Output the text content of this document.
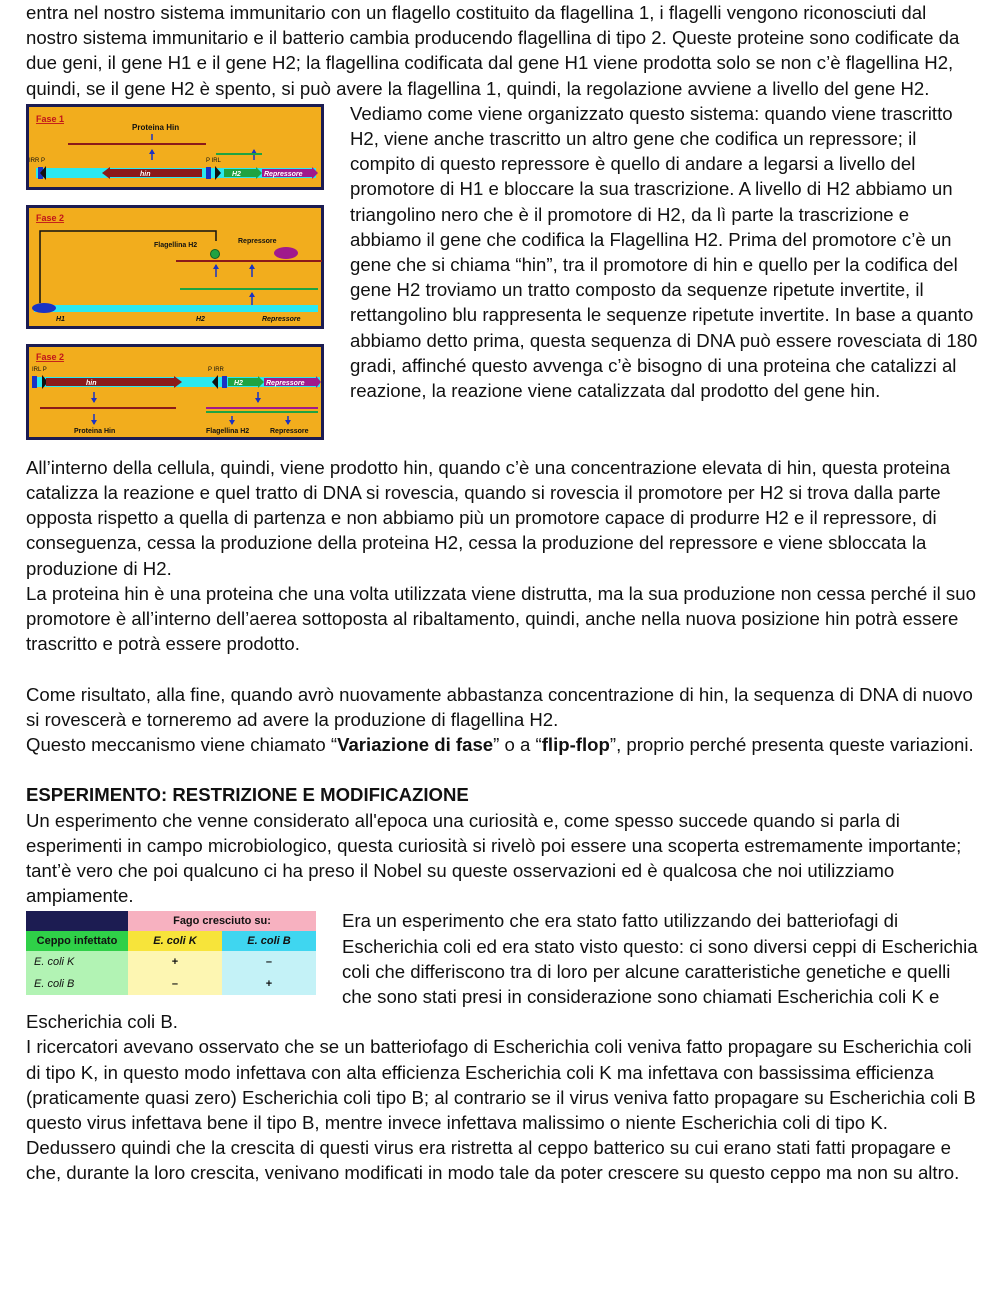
entra nel nostro sistema immunitario con un flagello costituito da flagellina 1, i flagelli vengono riconosciuti dal nostro sistema immunitario e il batterio cambia producendo flagellina di tipo 2. Queste proteine sono codificate da due geni, il gene H1 e il gene H2; la flagellina codificata dal gene H1 viene prodotta solo se non c’è flagellina H2, quindi, se il gene H2 è spento, si può avere la flagellina 1, quindi, la regolazione avviene a livello del gene H2.

Fase 1
Proteina Hin
IRR P	P IRL
hin	H2	Repressore
Fase 2
Flagellina H2
Repressore
H1	H2	Repressore
Fase 2
IRL P	P IRR
hin	H2	Repressore
Proteina Hin	Flagellina H2	Repressore

Vediamo come viene organizzato questo sistema: quando viene trascritto H2, viene anche trascritto un altro gene che codifica un repressore; il compito di questo repressore è quello di andare a legarsi a livello del promotore di H1 e bloccare la sua trascrizione. A livello di H2 abbiamo un triangolino nero che è il promotore di H2, da lì parte la trascrizione e abbiamo il gene che codifica la Flagellina H2. Prima del promotore c’è un gene che si chiama “hin”, tra il promotore di hin e quello per la codifica del gene H2 troviamo un tratto composto da sequenze ripetute invertite, il rettangolino blu rappresenta le sequenze ripetute invertite. In base a quanto abbiamo detto prima, questa sequenza di DNA può essere rovesciata di 180 gradi, affinché questo avvenga c’è bisogno di una proteina che catalizzi al reazione, la reazione viene catalizzata dal prodotto del gene hin.

All’interno della cellula, quindi, viene prodotto hin, quando c’è una concentrazione elevata di hin, questa proteina catalizza la reazione e quel tratto di DNA si rovescia, quando si rovescia il promotore per H2 si trova dalla parte opposta rispetto a quella di partenza e non abbiamo più un promotore capace di produrre H2 e il repressore, di conseguenza, cessa la produzione della proteina H2, cessa la produzione del repressore e viene sbloccata la produzione di H2.

La proteina hin è una proteina che una volta utilizzata viene distrutta, ma la sua produzione non cessa perché il suo promotore è all’interno dell’aerea sottoposta al ribaltamento, quindi, anche nella nuova posizione hin potrà essere trascritto e potrà essere prodotto.

Come risultato, alla fine, quando avrò nuovamente abbastanza concentrazione di hin, la sequenza di DNA di nuovo si rovescerà e torneremo ad avere la produzione di flagellina H2.

Questo meccanismo viene chiamato “Variazione di fase” o a “flip-flop”, proprio perché presenta queste variazioni.

ESPERIMENTO: RESTRIZIONE E MODIFICAZIONE

Un esperimento che venne considerato all'epoca una curiosità e, come spesso succede quando si parla di esperimenti in campo microbiologico, questa curiosità si rivelò poi essere una scoperta estremamente importante; tant’è vero che poi qualcuno ci ha preso il Nobel su queste osservazioni ed è qualcosa che noi utilizziamo ampiamente.

	Fago cresciuto su:	
Ceppo infettato	E. coli K	E. coli B
E. coli K	+	–
E. coli B	–	+

Era un esperimento che era stato fatto utilizzando dei batteriofagi di Escherichia coli ed era stato visto questo: ci sono diversi ceppi di Escherichia coli che differiscono tra di loro per alcune caratteristiche genetiche e quelli che sono stati presi in considerazione sono chiamati Escherichia coli K e Escherichia coli B.

I ricercatori avevano osservato che se un batteriofago di Escherichia coli veniva fatto propagare su Escherichia coli di tipo K, in questo modo infettava con alta efficienza Escherichia coli K ma infettava con bassissima efficienza (praticamente quasi zero) Escherichia coli tipo B; al contrario se il virus veniva fatto propagare su Escherichia coli B questo virus infettava bene il tipo B, mentre invece infettava malissimo o niente Escherichia coli di tipo K. Dedussero quindi che la crescita di questi virus era ristretta al ceppo batterico su cui erano stati fatti propagare e che, durante la loro crescita, venivano modificati in modo tale da poter crescere su questo ceppo ma non su altro.
